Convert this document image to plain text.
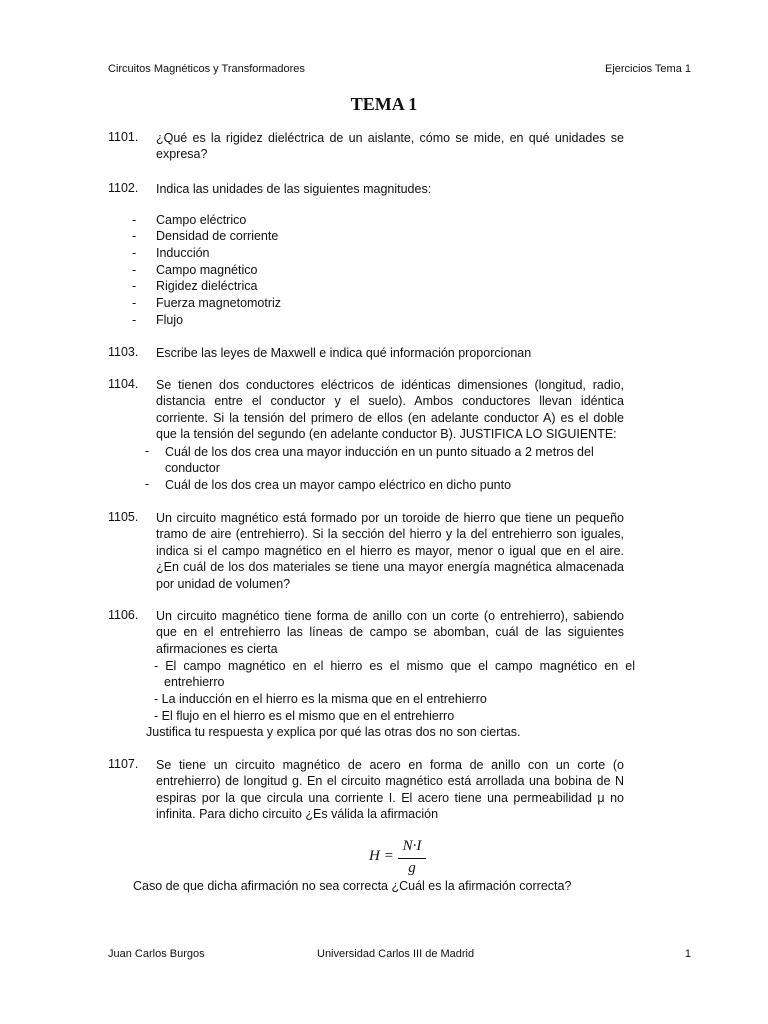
Circuitos Magnéticos y Transformadores	Ejercicios Tema 1
TEMA 1
1101.	¿Qué es la rigidez dieléctrica de un aislante, cómo se mide, en qué unidades se expresa?
1102.	Indica las unidades de las siguientes magnitudes:
- Campo eléctrico
- Densidad de corriente
- Inducción
- Campo magnético
- Rigidez dieléctrica
- Fuerza magnetomotriz
- Flujo
1103.	Escribe las leyes de Maxwell e indica qué información proporcionan
1104.	Se tienen dos conductores eléctricos de idénticas dimensiones (longitud, radio, distancia entre el conductor y el suelo). Ambos conductores llevan idéntica corriente. Si la tensión del primero de ellos (en adelante conductor A) es el doble que la tensión del segundo (en adelante conductor B). JUSTIFICA LO SIGUIENTE:
- Cuál de los dos crea una mayor inducción en un punto situado a 2 metros del conductor
- Cuál de los dos crea un mayor campo eléctrico en dicho punto
1105.	Un circuito magnético está formado por un toroide de hierro que tiene un pequeño tramo de aire (entrehierro). Si la sección del hierro y la del entrehierro son iguales, indica si el campo magnético en el hierro es mayor, menor o igual que en el aire. ¿En cuál de los dos materiales se tiene una mayor energía magnética almacenada por unidad de volumen?
1106.	Un circuito magnético tiene forma de anillo con un corte (o entrehierro), sabiendo que en el entrehierro las líneas de campo se abomban, cuál de las siguientes afirmaciones es cierta
- El campo magnético en el hierro es el mismo que el campo magnético en el entrehierro
- La inducción en el hierro es la misma que en el entrehierro
- El flujo en el hierro es el mismo que en el entrehierro
Justifica tu respuesta y explica por qué las otras dos no son ciertas.
1107.	Se tiene un circuito magnético de acero en forma de anillo con un corte (o entrehierro) de longitud g. En el circuito magnético está arrollada una bobina de N espiras por la que circula una corriente I. El acero tiene una permeabilidad μ no infinita. Para dicho circuito ¿Es válida la afirmación
H =
N·I
g
Caso de que dicha afirmación no sea correcta ¿Cuál es la afirmación correcta?
Juan Carlos Burgos	Universidad Carlos III de Madrid	1
